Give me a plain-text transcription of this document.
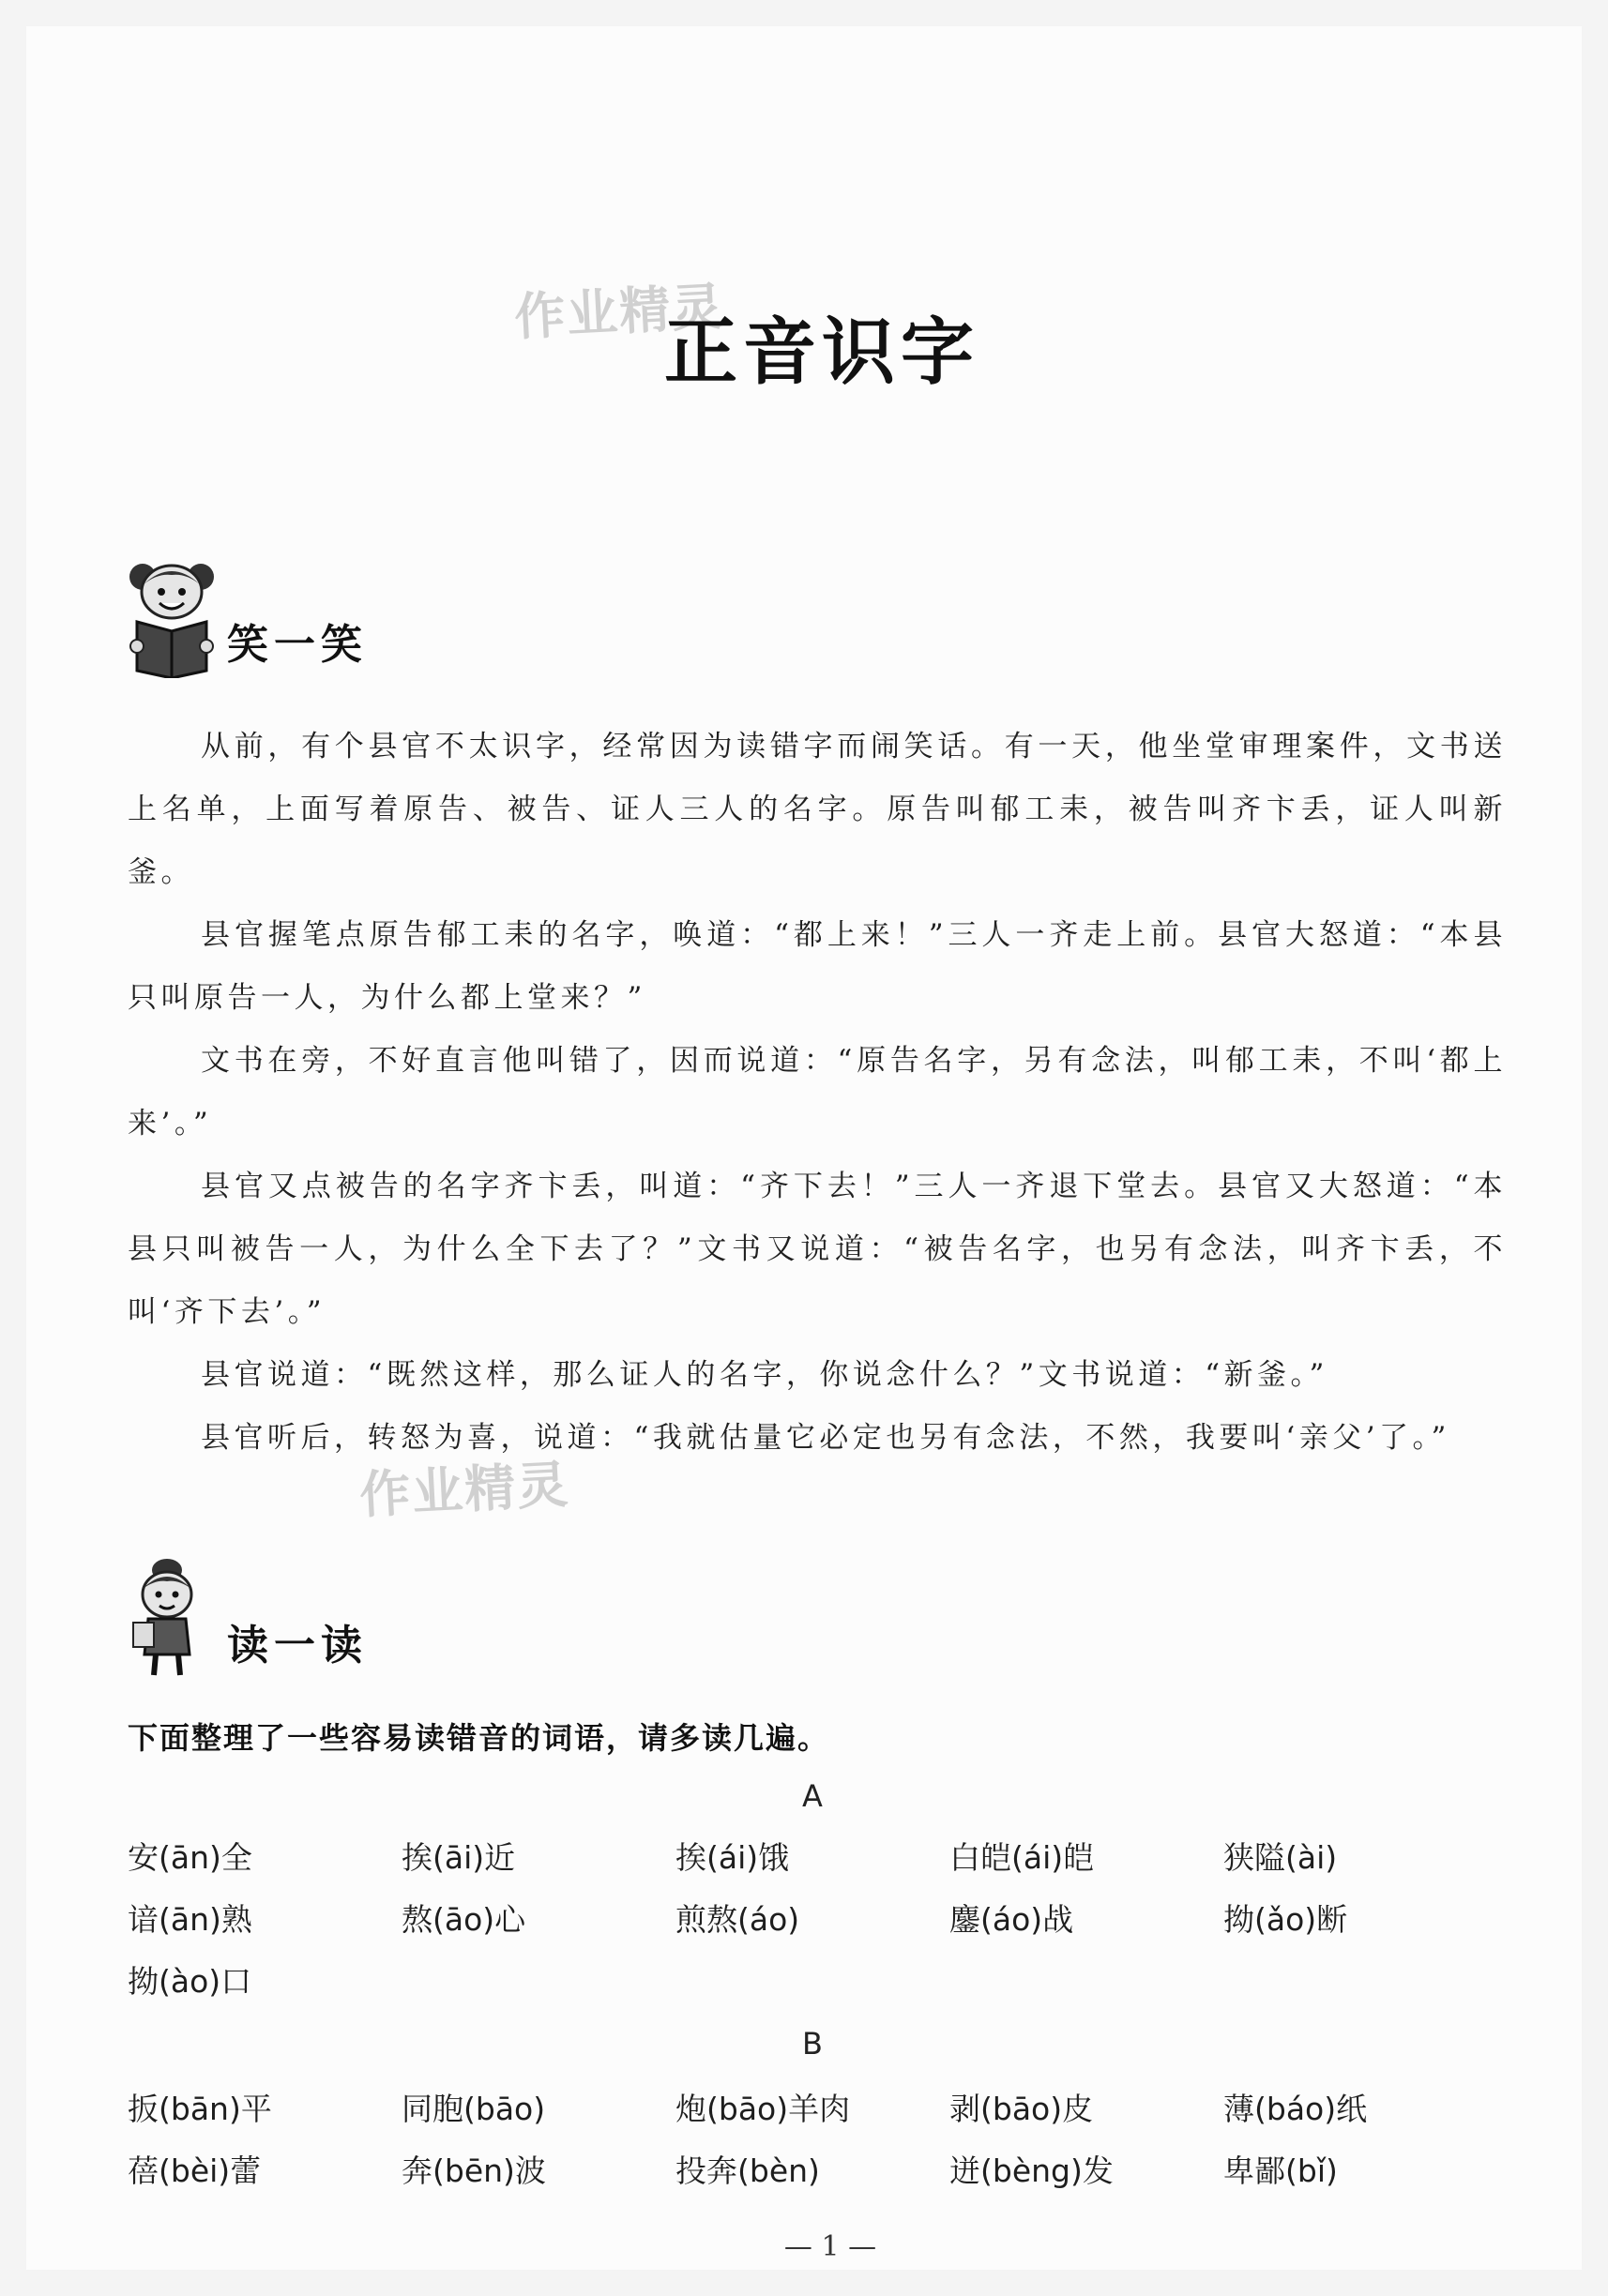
作业精灵
正音识字
笑一笑

从前，有个县官不太识字，经常因为读错字而闹笑话。有一天，他坐堂审理案件，文书送上名单，上面写着原告、被告、证人三人的名字。原告叫郁工耒，被告叫齐卞丢，证人叫新釜。

县官握笔点原告郁工耒的名字，唤道：“都上来！”三人一齐走上前。县官大怒道：“本县只叫原告一人，为什么都上堂来？”

文书在旁，不好直言他叫错了，因而说道：“原告名字，另有念法，叫郁工耒，不叫‘都上来’。”

县官又点被告的名字齐卞丢，叫道：“齐下去！”三人一齐退下堂去。县官又大怒道：“本县只叫被告一人，为什么全下去了？”文书又说道：“被告名字，也另有念法，叫齐卞丢，不叫‘齐下去’。”

县官说道：“既然这样，那么证人的名字，你说念什么？”文书说道：“新釜。”

县官听后，转怒为喜，说道：“我就估量它必定也另有念法，不然，我要叫‘亲父’了。”

作业精灵
读一读
下面整理了一些容易读错音的词语，请多读几遍。
A
安(ān)全	挨(āi)近	挨(ái)饿	白皑(ái)皑	狭隘(ài)
谙(ān)熟	熬(āo)心	煎熬(áo)	鏖(áo)战	拗(ǎo)断
拗(ào)口
B
扳(bān)平	同胞(bāo)	炮(bāo)羊肉	剥(bāo)皮	薄(báo)纸
蓓(bèi)蕾	奔(bēn)波	投奔(bèn)	迸(bèng)发	卑鄙(bǐ)
— 1 —
